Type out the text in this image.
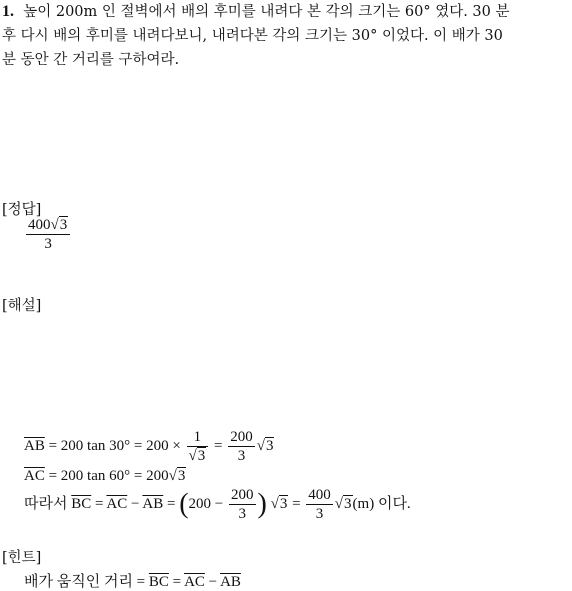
1. 높이 200m 인 절벽에서 배의 후미를 내려다 본 각의 크기는 60° 였다. 30 분
후 다시 배의 후미를 내려다보니, 내려다본 각의 크기는 30° 이었다. 이 배가 30
분 동안 간 거리를 구하여라.
[정답]
$\frac{400√3}{3}$
[해설]
$\overline{AB} = 200$ $\tan 30^\circ = 200 \times \frac{1}{√3} = \frac{200}{3} √3$
$\overline{AC} = 200$ tan 60° = 200√3
따라서 $\overline{BC} = \overline{AC} - \overline{AB} = (200 - \frac{200}{3}$ ) $√3 = \frac{400}{3} √3(m)$ 이다.
[힌트]
배가 움직인 거리 = $\overline{BC} = \overline{AC} - \overline{AB}$
